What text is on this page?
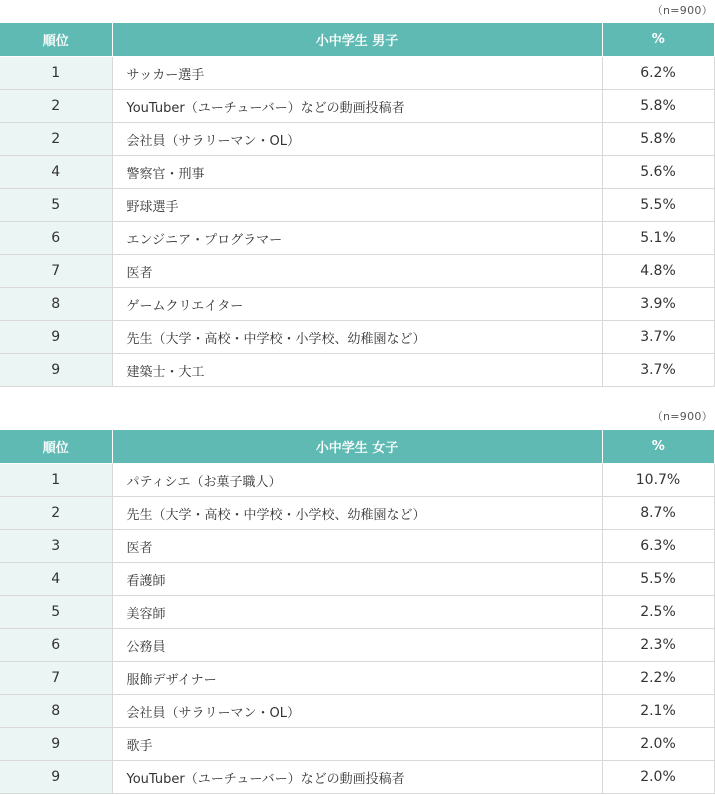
（n=900）
順位	小中学生 男子	%
1	サッカー選手	6.2%
2	YouTuber（ユーチューバー）などの動画投稿者	5.8%
2	会社員（サラリーマン・OL）	5.8%
4	警察官・刑事	5.6%
5	野球選手	5.5%
6	エンジニア・プログラマー	5.1%
7	医者	4.8%
8	ゲームクリエイター	3.9%
9	先生（大学・高校・中学校・小学校、幼稚園など）	3.7%
9	建築士・大工	3.7%
（n=900）
順位	小中学生 女子	%
1	パティシエ（お菓子職人）	10.7%
2	先生（大学・高校・中学校・小学校、幼稚園など）	8.7%
3	医者	6.3%
4	看護師	5.5%
5	美容師	2.5%
6	公務員	2.3%
7	服飾デザイナー	2.2%
8	会社員（サラリーマン・OL）	2.1%
9	歌手	2.0%
9	YouTuber（ユーチューバー）などの動画投稿者	2.0%
